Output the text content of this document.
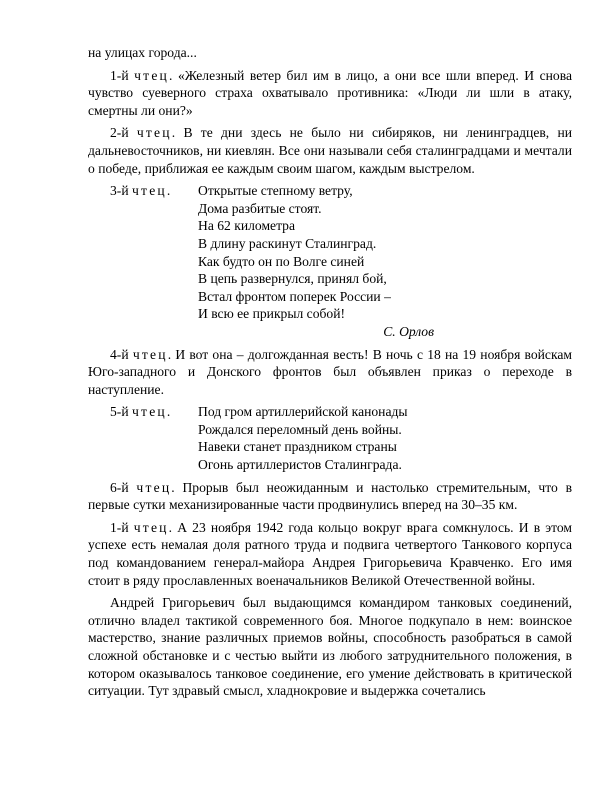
на улицах города...

1-й чтец. «Железный ветер бил им в лицо, а они все шли вперед. И снова чувство суеверного страха охватывало противника: «Люди ли шли в атаку, смертны ли они?»

2-й чтец. В те дни здесь не было ни сибиряков, ни ленинградцев, ни дальневосточников, ни киевлян. Все они называли себя сталинградцами и мечтали о победе, приближая ее каждым своим шагом, каждым выстрелом.

3-й чтец.	Открытые степному ветру,
Дома разбитые стоят.
На 62 километра
В длину раскинут Сталинград.
Как будто он по Волге синей
В цепь развернулся, принял бой,
Встал фронтом поперек России –
И всю ее прикрыл собой!
С. Орлов

4-й чтец. И вот она – долгожданная весть! В ночь с 18 на 19 ноября войскам Юго-западного и Донского фронтов был объявлен приказ о переходе в наступление.

5-й чтец.	Под гром артиллерийской канонады
Рождался переломный день войны.
Навеки станет праздником страны
Огонь артиллеристов Сталинграда.

6-й чтец. Прорыв был неожиданным и настолько стремительным, что в первые сутки механизированные части продвинулись вперед на 30–35 км.

1-й чтец. А 23 ноября 1942 года кольцо вокруг врага сомкнулось. И в этом успехе есть немалая доля ратного труда и подвига четвертого Танкового корпуса под командованием генерал-майора Андрея Григорьевича Кравченко. Его имя стоит в ряду прославленных военачальников Великой Отечественной войны.

Андрей Григорьевич был выдающимся командиром танковых соединений, отлично владел тактикой современного боя. Многое подкупало в нем: воинское мастерство, знание различных приемов войны, способность разобраться в самой сложной обстановке и с честью выйти из любого затруднительного положения, в котором оказывалось танковое соединение, его умение действовать в критической ситуации. Тут здравый смысл, хладнокровие и выдержка сочетались
